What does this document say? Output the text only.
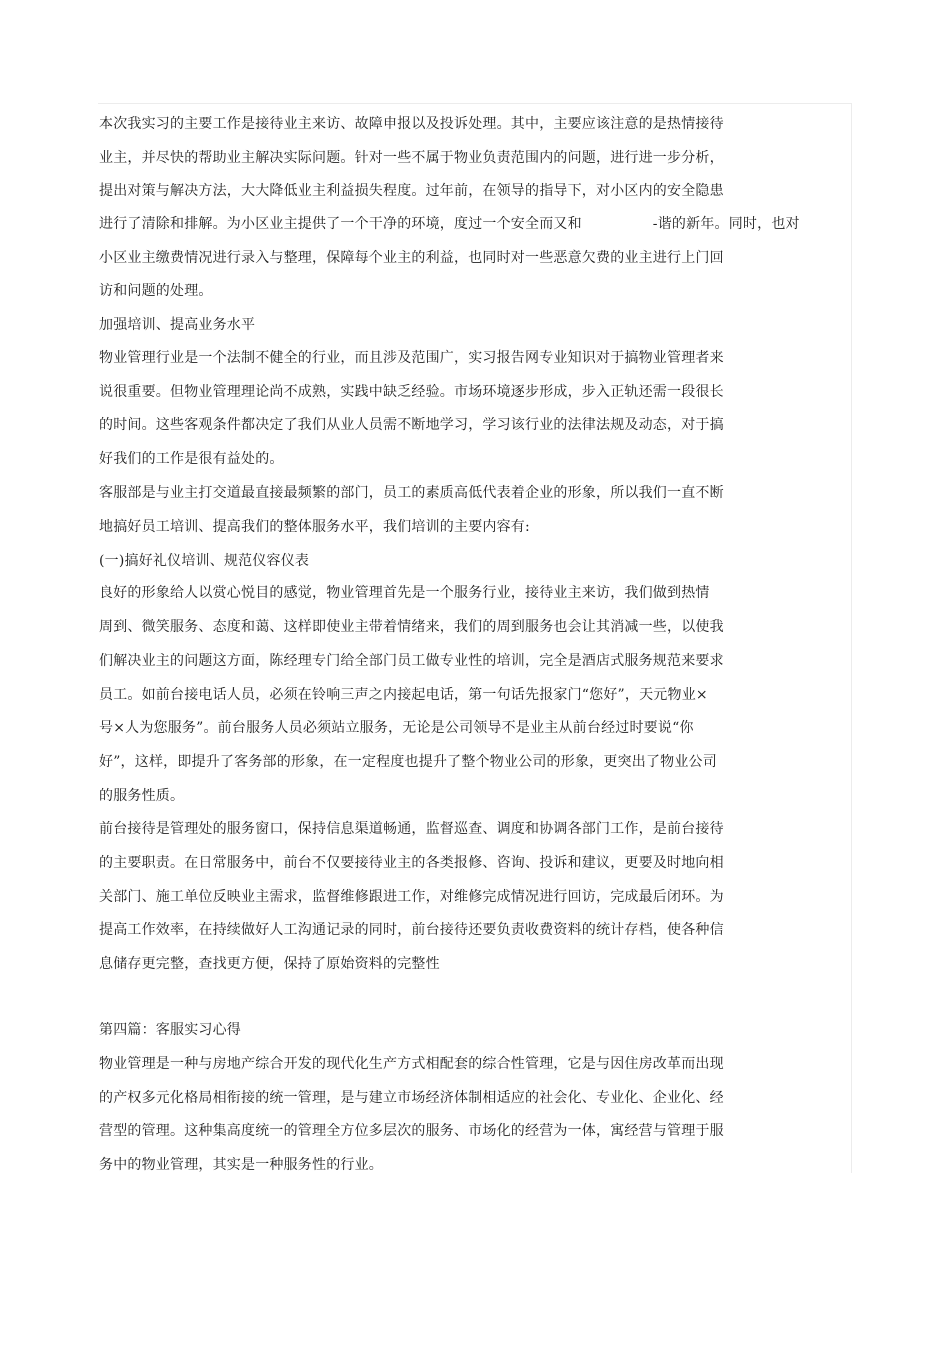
本次我实习的主要工作是接待业主来访、故障申报以及投诉处理。其中，主要应该注意的是热情接待
业主，并尽快的帮助业主解决实际问题。针对一些不属于物业负责范围内的问题，进行进一步分析，
提出对策与解决方法，大大降低业主利益损失程度。过年前，在领导的指导下，对小区内的安全隐患
进行了清除和排解。为小区业主提供了一个干净的环境，度过一个安全而又和　　　　　-谐的新年。同时，也对
小区业主缴费情况进行录入与整理，保障每个业主的利益，也同时对一些恶意欠费的业主进行上门回
访和问题的处理。
加强培训、提高业务水平
物业管理行业是一个法制不健全的行业，而且涉及范围广，实习报告网专业知识对于搞物业管理者来
说很重要。但物业管理理论尚不成熟，实践中缺乏经验。市场环境逐步形成，步入正轨还需一段很长
的时间。这些客观条件都决定了我们从业人员需不断地学习，学习该行业的法律法规及动态，对于搞
好我们的工作是很有益处的。
客服部是与业主打交道最直接最频繁的部门，员工的素质高低代表着企业的形象，所以我们一直不断
地搞好员工培训、提高我们的整体服务水平，我们培训的主要内容有:
(一)搞好礼仪培训、规范仪容仪表
良好的形象给人以赏心悦目的感觉，物业管理首先是一个服务行业，接待业主来访，我们做到热情
周到、微笑服务、态度和蔼、这样即使业主带着情绪来，我们的周到服务也会让其消减一些，以使我
们解决业主的问题这方面，陈经理专门给全部门员工做专业性的培训，完全是酒店式服务规范来要求
员工。如前台接电话人员，必须在铃响三声之内接起电话，第一句话先报家门“您好”，天元物业×
号×人为您服务”。前台服务人员必须站立服务，无论是公司领导不是业主从前台经过时要说“你
好”，这样，即提升了客务部的形象，在一定程度也提升了整个物业公司的形象，更突出了物业公司
的服务性质。
前台接待是管理处的服务窗口，保持信息渠道畅通，监督巡查、调度和协调各部门工作，是前台接待
的主要职责。在日常服务中，前台不仅要接待业主的各类报修、咨询、投诉和建议，更要及时地向相
关部门、施工单位反映业主需求，监督维修跟进工作，对维修完成情况进行回访，完成最后闭环。为
提高工作效率，在持续做好人工沟通记录的同时，前台接待还要负责收费资料的统计存档，使各种信
息储存更完整，查找更方便，保持了原始资料的完整性
第四篇：客服实习心得
物业管理是一种与房地产综合开发的现代化生产方式相配套的综合性管理，它是与因住房改革而出现
的产权多元化格局相衔接的统一管理，是与建立市场经济体制相适应的社会化、专业化、企业化、经
营型的管理。这种集高度统一的管理全方位多层次的服务、市场化的经营为一体，寓经营与管理于服
务中的物业管理，其实是一种服务性的行业。
